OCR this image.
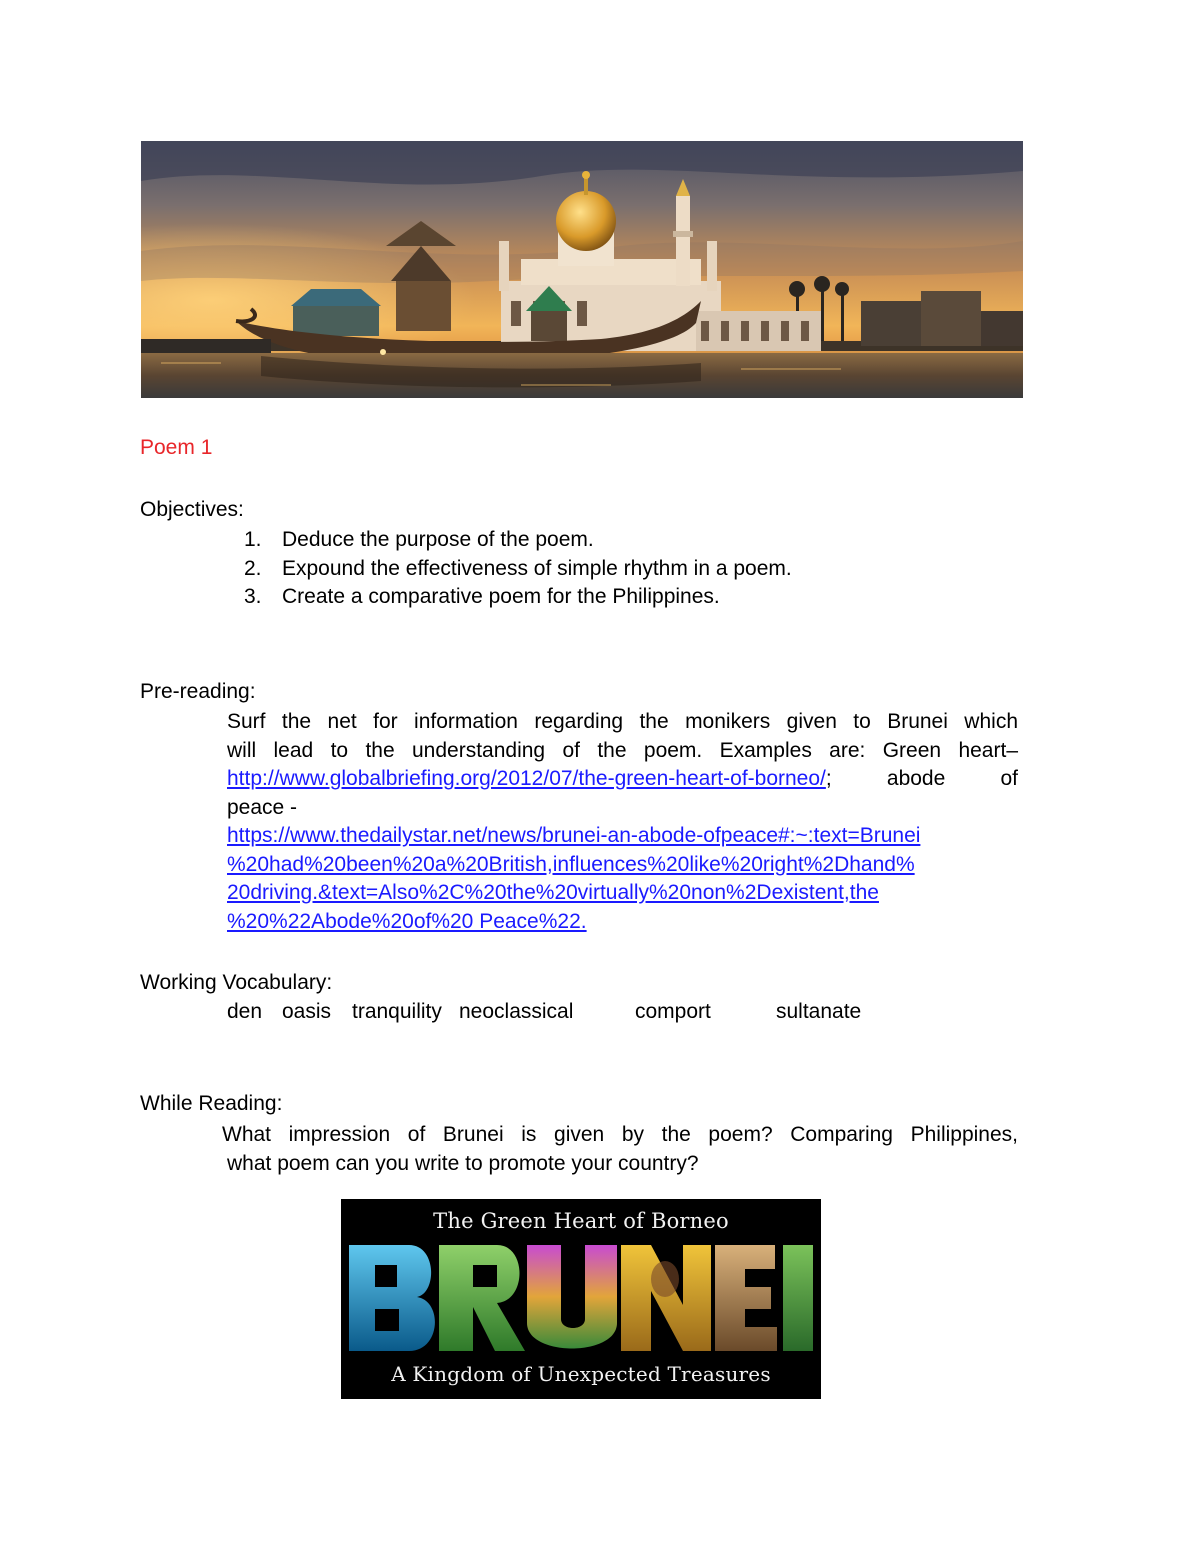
Poem 1
Objectives:
1. Deduce the purpose of the poem.
2. Expound the effectiveness of simple rhythm in a poem.
3. Create a comparative poem for the Philippines.
Pre-reading:
Surf the net for information regarding the monikers given to Brunei which
will lead to the understanding of the poem. Examples are: Green heart–
http://www.globalbriefing.org/2012/07/the-green-heart-of-borneo/; abode of
peace -
https://www.thedailystar.net/news/brunei-an-abode-ofpeace#:~:text=Brunei
%20had%20been%20a%20British,influences%20like%20right%2Dhand%
20driving.&text=Also%2C%20the%20virtually%20non%2Dexistent,the
%20%22Abode%20of%20 Peace%22.
Working Vocabulary:
den oasis tranquility neoclassical	comport	sultanate
While Reading:
What impression of Brunei is given by the poem? Comparing Philippines,
what poem can you write to promote your country?
The Green Heart of Borneo
A Kingdom of Unexpected Treasures
